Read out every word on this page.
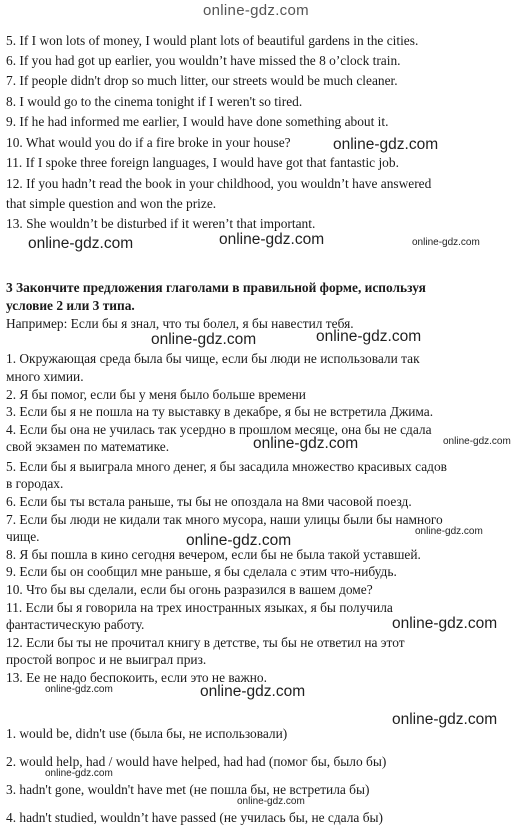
online-gdz.com
5. If I won lots of money, I would plant lots of beautiful gardens in the cities.
6. If you had got up earlier, you wouldn’t have missed the 8 o’clock train.
7. If people didn't drop so much litter, our streets would be much cleaner.
8. I would go to the cinema tonight if I weren't so tired.
9. If he had informed me earlier, I would have done something about it.
10. What would you do if a fire broke in your house?
11. If I spoke three foreign languages, I would have got that fantastic job.
12. If you hadn’t read the book in your childhood, you wouldn’t have answered
that simple question and won the prize.
13. She wouldn’t be disturbed if it weren’t that important.
3 Закончите предложения глаголами в правильной форме, используя
условие 2 или 3 типа.
Например: Если бы я знал, что ты болел, я бы навестил тебя.
1. Окружающая среда была бы чище, если бы люди не использовали так
много химии.
2. Я бы помог, если бы у меня было больше времени
3. Если бы я не пошла на ту выставку в декабре, я бы не встретила Джима.
4. Если бы она не училась так усердно в прошлом месяце, она бы не сдала
свой экзамен по математике.
5. Если бы я выиграла много денег, я бы засадила множество красивых садов
в городах.
6. Если бы ты встала раньше, ты бы не опоздала на 8ми часовой поезд.
7. Если бы люди не кидали так много мусора, наши улицы были бы намного
чище.
8. Я бы пошла в кино сегодня вечером, если бы не была такой уставшей.
9. Если бы он сообщил мне раньше, я бы сделала с этим что-нибудь.
10. Что бы вы сделали, если бы огонь разразился в вашем доме?
11. Если бы я говорила на трех иностранных языках, я бы получила
фантастическую работу.
12. Если бы ты не прочитал книгу в детстве, ты бы не ответил на этот
простой вопрос и не выиграл приз.
13. Ее не надо беспокоить, если это не важно.
1. would be, didn't use (была бы, не использовали)
2. would help, had / would have helped, had had (помог бы, было бы)
3. hadn't gone, wouldn't have met (не пошла бы, не встретила бы)
4. hadn't studied, wouldn’t have passed (не училась бы, не сдала бы)
online-gdz.com
online-gdz.com	online-gdz.com	online-gdz.com
online-gdz.com
online-gdz.com
online-gdz.com	online-gdz.com
online-gdz.com
online-gdz.com
online-gdz.com
online-gdz.com	online-gdz.com
online-gdz.com
online-gdz.com
online-gdz.com
